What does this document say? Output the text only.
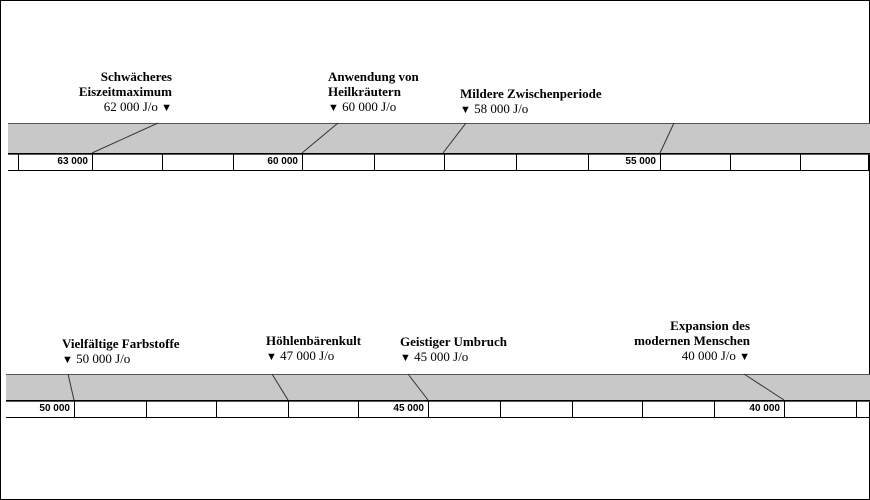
63 000	60 000	55 000
Schwächeres
Eiszeitmaximum
62 000 J/o ▼
Anwendung von
Heilkräutern
▼ 60 000 J/o
Mildere Zwischenperiode
▼ 58 000 J/o
50 000	45 000	40 000
Vielfältige Farbstoffe
▼ 50 000 J/o
Höhlenbärenkult
▼ 47 000 J/o
Geistiger Umbruch
▼ 45 000 J/o
Expansion des
modernen Menschen
40 000 J/o ▼
